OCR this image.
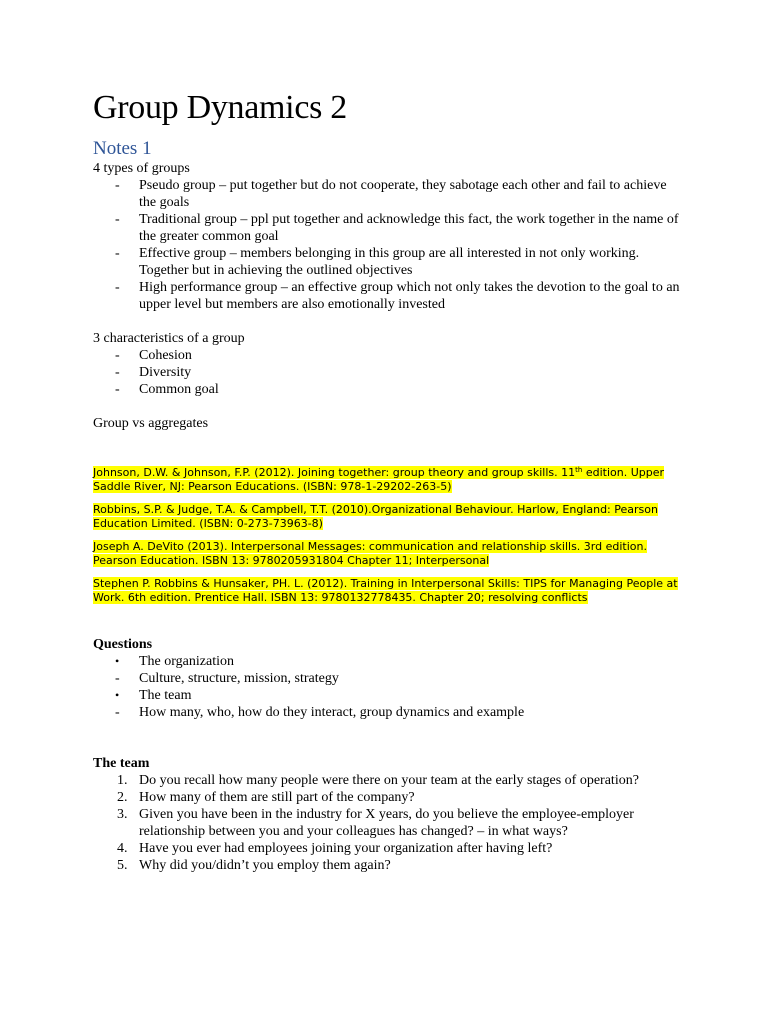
Group Dynamics 2
Notes 1

4 types of groups

-	Pseudo group – put together but do not cooperate, they sabotage each other and fail to achieve the goals
-	Traditional group – ppl put together and acknowledge this fact, the work together in the name of the greater common goal
-	Effective group – members belonging in this group are all interested in not only working. Together but in achieving the outlined objectives
-	High performance group – an effective group which not only takes the devotion to the goal to an upper level but members are also emotionally invested

3 characteristics of a group

-	Cohesion
-	Diversity
-	Common goal

Group vs aggregates

Johnson, D.W. & Johnson, F.P. (2012). Joining together: group theory and group skills. 11th edition. Upper Saddle River, NJ: Pearson Educations. (ISBN: 978-1-29202-263-5)

Robbins, S.P. & Judge, T.A. & Campbell, T.T. (2010).Organizational Behaviour. Harlow, England: Pearson Education Limited. (ISBN: 0-273-73963-8)

Joseph A. DeVito (2013). Interpersonal Messages: communication and relationship skills. 3rd edition. Pearson Education. ISBN 13: 9780205931804 Chapter 11; Interpersonal

Stephen P. Robbins & Hunsaker, PH. L. (2012). Training in Interpersonal Skills: TIPS for Managing People at Work. 6th edition. Prentice Hall. ISBN 13: 9780132778435. Chapter 20; resolving conflicts

Questions

•	The organization
-	Culture, structure, mission, strategy
•	The team
-	How many, who, how do they interact, group dynamics and example

The team

1. Do you recall how many people were there on your team at the early stages of operation?
2. How many of them are still part of the company?
3. Given you have been in the industry for X years, do you believe the employee-employer relationship between you and your colleagues has changed? – in what ways?
4. Have you ever had employees joining your organization after having left?
5. Why did you/didn’t you employ them again?
